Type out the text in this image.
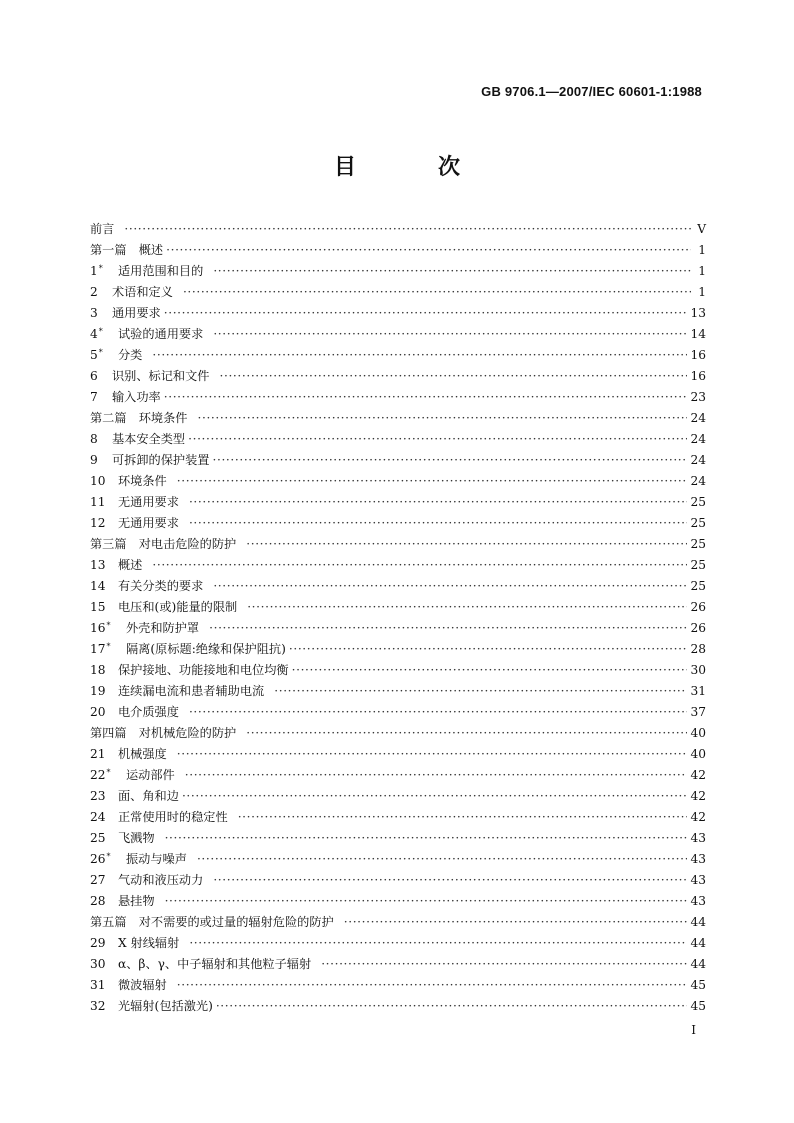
GB 9706.1—2007/IEC 60601-1:1988
目　次
前言 ·····	V
第一篇　概述 ·····	1
1*	适用范围和目的 ·····	1
2	术语和定义 ·····	1
3	通用要求 ·····	13
4*	试验的通用要求 ·····	14
5*	分类 ·····	16
6	识别、标记和文件 ·····	16
7	输入功率 ·····	23
第二篇　环境条件 ·····	24
8	基本安全类型 ·····	24
9	可拆卸的保护装置 ·····	24
10	环境条件 ·····	24
11	无通用要求 ·····	25
12	无通用要求 ·····	25
第三篇　对电击危险的防护 ·····	25
13	概述 ·····	25
14	有关分类的要求 ·····	25
15	电压和(或)能量的限制 ·····	26
16*	外壳和防护罩 ·····	26
17*	隔离(原标题:绝缘和保护阻抗) ·····	28
18	保护接地、功能接地和电位均衡 ·····	30
19	连续漏电流和患者辅助电流 ·····	31
20	电介质强度 ·····	37
第四篇　对机械危险的防护 ·····	40
21	机械强度 ·····	40
22*	运动部件 ·····	42
23	面、角和边 ·····	42
24	正常使用时的稳定性 ·····	42
25	飞溅物 ·····	43
26*	振动与噪声 ·····	43
27	气动和液压动力 ·····	43
28	悬挂物 ·····	43
第五篇　对不需要的或过量的辐射危险的防护 ·····	44
29	X 射线辐射 ·····	44
30	α、β、γ、中子辐射和其他粒子辐射 ·····	44
31	微波辐射 ·····	45
32	光辐射(包括激光) ·····	45
I
